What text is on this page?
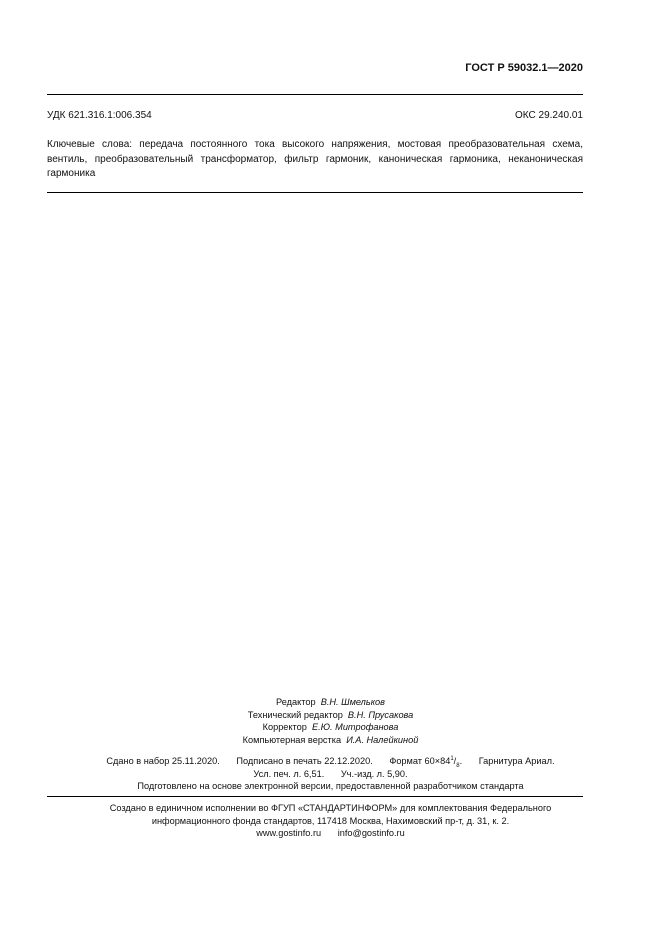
ГОСТ Р 59032.1—2020
УДК 621.316.1:006.354	ОКС 29.240.01
Ключевые слова: передача постоянного тока высокого напряжения, мостовая преобразовательная схема, вентиль, преобразовательный трансформатор, фильтр гармоник, каноническая гармоника, неканоническая гармоника
Редактор В.Н. Шмельков
Технический редактор В.Н. Прусакова
Корректор Е.Ю. Митрофанова
Компьютерная верстка И.А. Налейкиной
Сдано в набор 25.11.2020. Подписано в печать 22.12.2020. Формат $60\times 84^1/_8$. Гарнитура Ариал.
Усл. печ. л. 6,51. Уч.-изд. л. 5,90.
Подготовлено на основе электронной версии, предоставленной разработчиком стандарта
Создано в единичном исполнении во ФГУП «СТАНДАРТИНФОРМ» для комплектования Федерального
информационного фонда стандартов, 117418 Москва, Нахимовский пр-т, д. 31, к. 2.
www.gostinfo.ru info@gostinfo.ru
